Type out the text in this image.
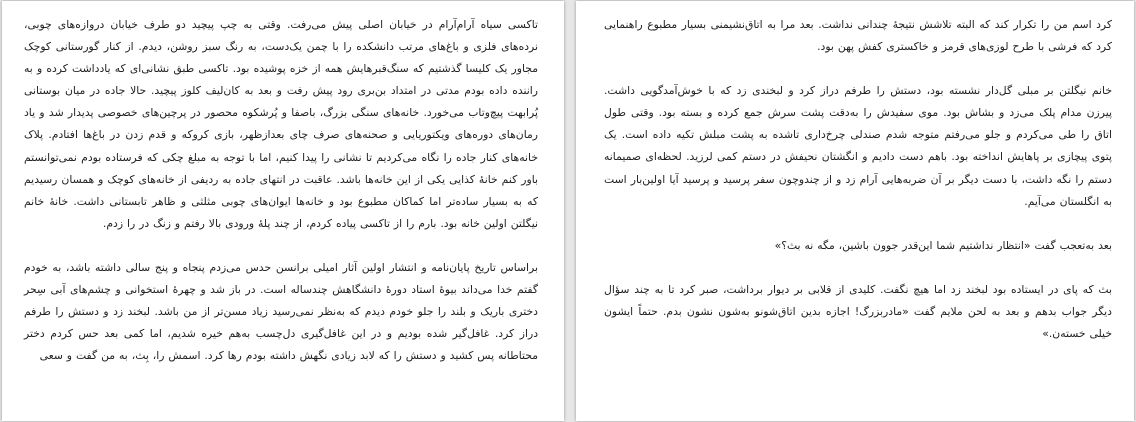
تاکسی سیاه آرام‌آرام در خیابان اصلی پیش می‌رفت. وقتی به چپ پیچید دو طرف خیابان دروازه‌های چوبی، نرده‌های فلزی و باغ‌های مرتب دانشکده را با چمن یک‌دست، به رنگ سبز روشن، دیدم. از کنار گورستانی کوچک مجاور یک کلیسا گذشتیم که سنگ‌قبرهایش همه از خزه پوشیده بود. تاکسی طبق نشانی‌ای که یادداشت کرده و به راننده داده بودم مدتی در امتداد بن‌بری رود پیش رفت و بعد به کان‌لیف کلوز پیچید. حالا جاده در میان بوستانی پُرابهت پیچ‌وتاب می‌خورد. خانه‌های سنگی بزرگ، باصفا و پُرشکوه محصور در پرچین‌های خصوصی پدیدار شد و یاد رمان‌های دوره‌های ویکتوریایی و صحنه‌های صرف چای بعدازظهر، بازی کروکه و قدم زدن در باغ‌ها افتادم. پلاک خانه‌های کنار جاده را نگاه می‌کردیم تا نشانی را پیدا کنیم، اما با توجه به مبلغ چکی که فرستاده بودم نمی‌توانستم باور کنم خانهٔ کذایی یکی از این خانه‌ها باشد. عاقبت در انتهای جاده به ردیفی از خانه‌های کوچک و همسان رسیدیم که به بسیار ساده‌تر اما کماکان مطبوع بود و خانه‌ها ایوان‌های چوبی مثلثی و ظاهر تابستانی داشت. خانهٔ خانم نیگلتن اولین خانه بود. بارم را از تاکسی پیاده کردم، از چند پلهٔ ورودی بالا رفتم و زنگ در را زدم.

براساس تاریخ پایان‌نامه و انتشار اولین آثار امیلی برانسن حدس می‌زدم پنجاه و پنج سالی داشته باشد، به خودم گفتم خدا می‌داند بیوهٔ استاد دورهٔ دانشگاهش چندساله است. در باز شد و چهرهٔ استخوانی و چشم‌های آبی سِحر دختری باریک و بلند را جلو خودم دیدم که به‌نظر نمی‌رسید زیاد مسن‌تر از من باشد. لبخند زد و دستش را طرفم دراز کرد. غافل‌گیر شده بودیم و در این غافل‌گیری دل‌چسب به‌هم خیره شدیم، اما کمی بعد حس کردم دختر محتاطانه پس کشید و دستش را که لابد زیادی نگهش داشته بودم رها کرد. اسمش را، بِث، به من گفت و سعی

کرد اسم من را تکرار کند که البته تلاشش نتیجهٔ چندانی نداشت. بعد مرا به اتاق‌نشیمنی بسیار مطبوع راهنمایی کرد که فرشی با طرح لوزی‌های قرمز و خاکستری کفش پهن بود.

خانم نیگلتن بر مبلی گل‌دار نشسته بود، دستش را طرفم دراز کرد و لبخندی زد که با خوش‌آمدگویی داشت. پیرزن مدام پلک می‌زد و بشاش بود. موی سفیدش را به‌دقت پشت سرش جمع کرده و بسته بود. وقتی طول اتاق را طی می‌کردم و جلو می‌رفتم متوجه شدم صندلی چرخ‌داری تاشده به پشت مبلش تکیه داده است. یک پتوی پیچازی بر پاهایش انداخته بود. باهم دست دادیم و انگشتان نحیفش در دستم کمی لرزید. لحظه‌ای صمیمانه دستم را نگه داشت، با دست دیگر بر آن ضربه‌هایی آرام زد و از چندوچون سفر پرسید و پرسید آیا اولین‌بار است به انگلستان می‌آیم.

بعد به‌تعجب گفت «انتظار نداشتیم شما این‌قدر جوون باشین، مگه نه بث؟»

بث که پای در ایستاده بود لبخند زد اما هیچ نگفت. کلیدی از قلابی بر دیوار برداشت، صبر کرد تا به چند سؤال دیگر جواب بدهم و بعد به لحن ملایم گفت «مادربزرگ! اجازه بدین اتاق‌شونو به‌شون نشون بدم. حتماً ایشون خیلی خسته‌ن.»
